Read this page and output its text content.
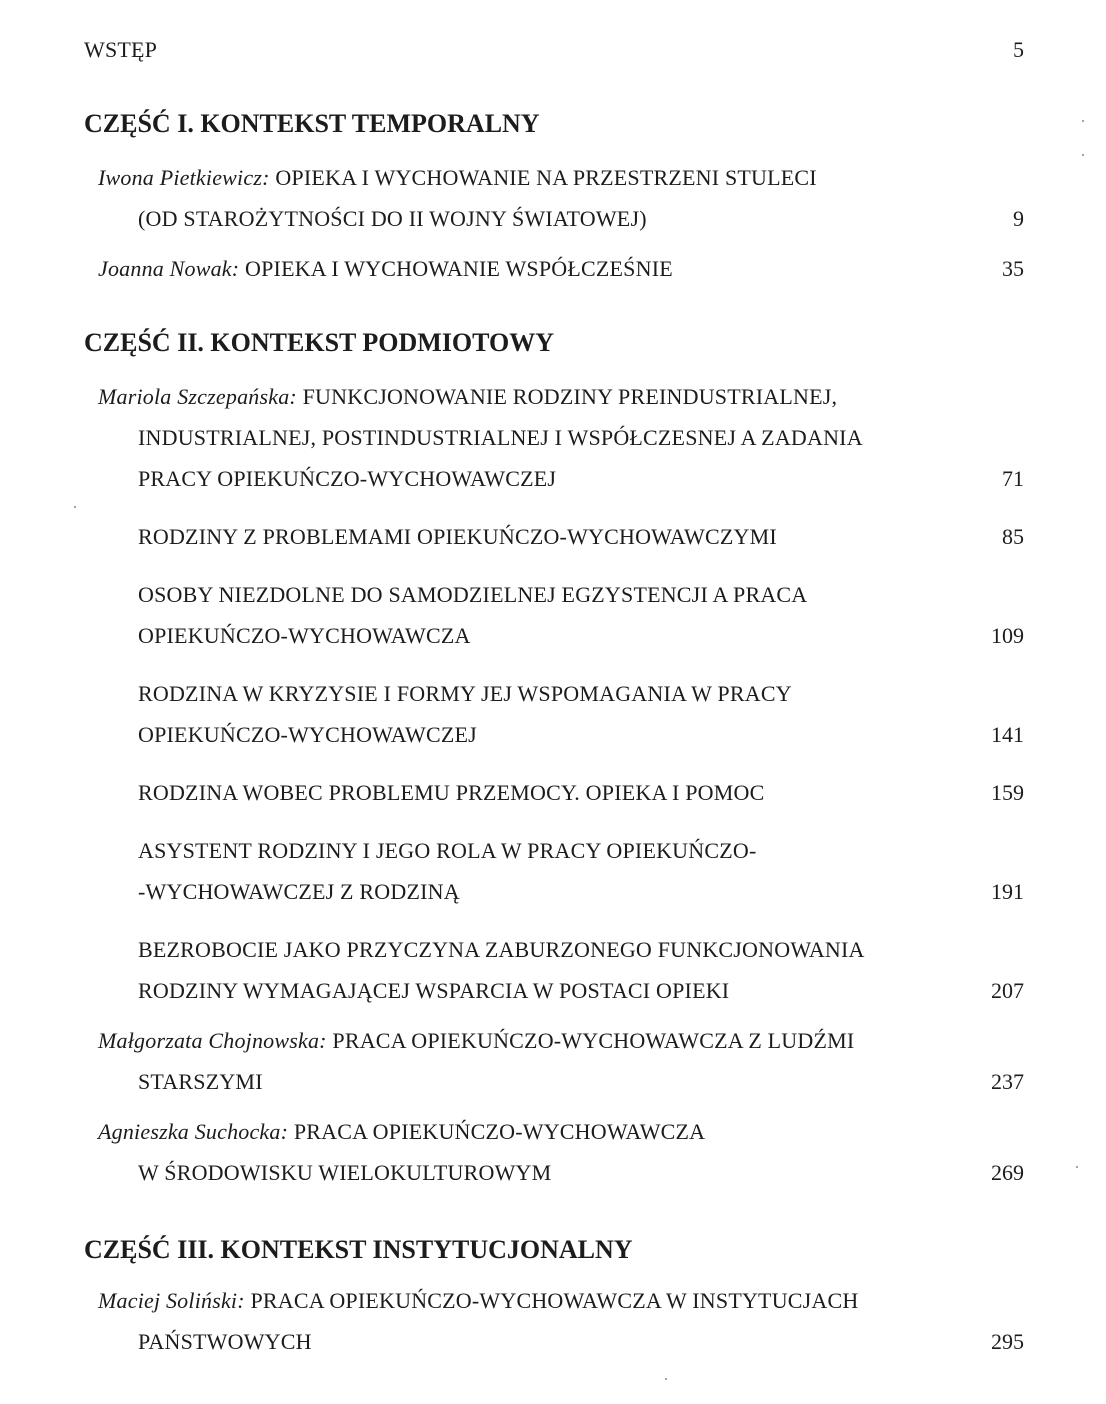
WSTĘP	5
CZĘŚĆ I. KONTEKST TEMPORALNY
Iwona Pietkiewicz: OPIEKA I WYCHOWANIE NA PRZESTRZENI STULECI
(OD STAROŻYTNOŚCI DO II WOJNY ŚWIATOWEJ)	9
Joanna Nowak: OPIEKA I WYCHOWANIE WSPÓŁCZEŚNIE	35
CZĘŚĆ II. KONTEKST PODMIOTOWY
Mariola Szczepańska: FUNKCJONOWANIE RODZINY PREINDUSTRIALNEJ,
INDUSTRIALNEJ, POSTINDUSTRIALNEJ I WSPÓŁCZESNEJ A ZADANIA
PRACY OPIEKUŃCZO-WYCHOWAWCZEJ	71
RODZINY Z PROBLEMAMI OPIEKUŃCZO-WYCHOWAWCZYMI	85
OSOBY NIEZDOLNE DO SAMODZIELNEJ EGZYSTENCJI A PRACA
OPIEKUŃCZO-WYCHOWAWCZA	109
RODZINA W KRYZYSIE I FORMY JEJ WSPOMAGANIA W PRACY
OPIEKUŃCZO-WYCHOWAWCZEJ	141
RODZINA WOBEC PROBLEMU PRZEMOCY. OPIEKA I POMOC	159
ASYSTENT RODZINY I JEGO ROLA W PRACY OPIEKUŃCZO-
-WYCHOWAWCZEJ Z RODZINĄ	191
BEZROBOCIE JAKO PRZYCZYNA ZABURZONEGO FUNKCJONOWANIA
RODZINY WYMAGAJĄCEJ WSPARCIA W POSTACI OPIEKI	207
Małgorzata Chojnowska: PRACA OPIEKUŃCZO-WYCHOWAWCZA Z LUDŹMI
STARSZYMI	237
Agnieszka Suchocka: PRACA OPIEKUŃCZO-WYCHOWAWCZA
W ŚRODOWISKU WIELOKULTUROWYM	269
CZĘŚĆ III. KONTEKST INSTYTUCJONALNY
Maciej Soliński: PRACA OPIEKUŃCZO-WYCHOWAWCZA W INSTYTUCJACH
PAŃSTWOWYCH	295
